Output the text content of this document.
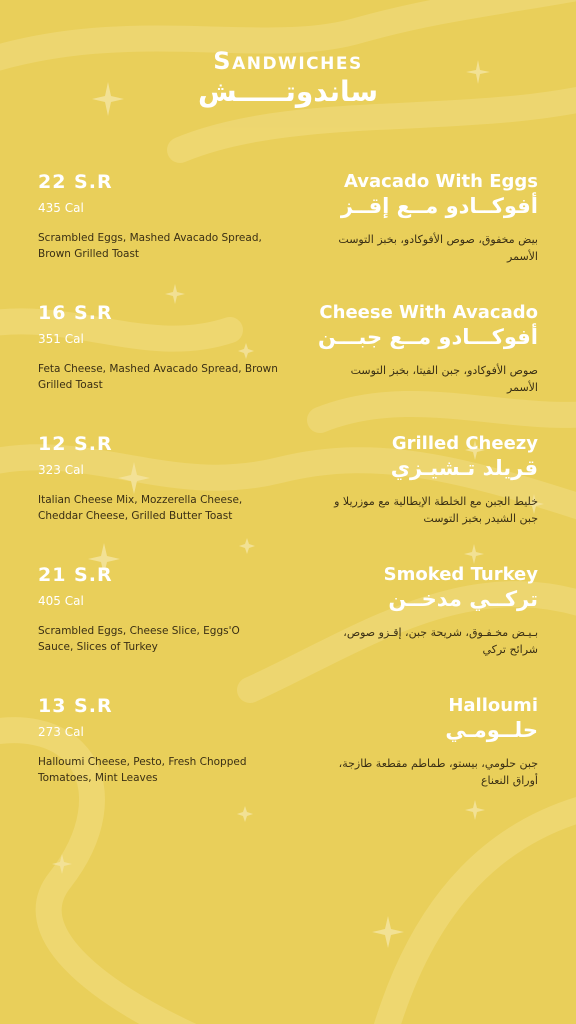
Sandwiches
ساندوتـــــش
22 S.R
435 Cal
Scrambled Eggs, Mashed Avacado Spread, Brown Grilled Toast
Avacado With Eggs
أفوكــادو مــع إقــز
بيض مخفوق، صوص الأفوكادو، بخبز التوست الأسمر
16 S.R
351 Cal
Feta Cheese, Mashed Avacado Spread, Brown Grilled Toast
Cheese With Avacado
أفوكـــادو مــع جبـــن
صوص الأفوكادو، جبن الفيتا، بخبز التوست الأسمر
12 S.R
323 Cal
Italian Cheese Mix, Mozzerella Cheese, Cheddar Cheese, Grilled Butter Toast
Grilled Cheezy
قريلد تـشيـزي
خليط الجبن مع الخلطة الإيطالية مع موزريلا و جبن الشيدر بخبز التوست
21 S.R
405 Cal
Scrambled Eggs, Cheese Slice, Eggs'O Sauce, Slices of Turkey
Smoked Turkey
تركــي مدخــن
بـيـض مخـفـوق، شريحة جبن، إقـزو صوص، شرائح تركي
13 S.R
273 Cal
Halloumi Cheese, Pesto, Fresh Chopped Tomatoes, Mint Leaves
Halloumi
حلــومـي
جبن حلومي، بيستو، طماطم مقطعة طازجة، أوراق النعناع
